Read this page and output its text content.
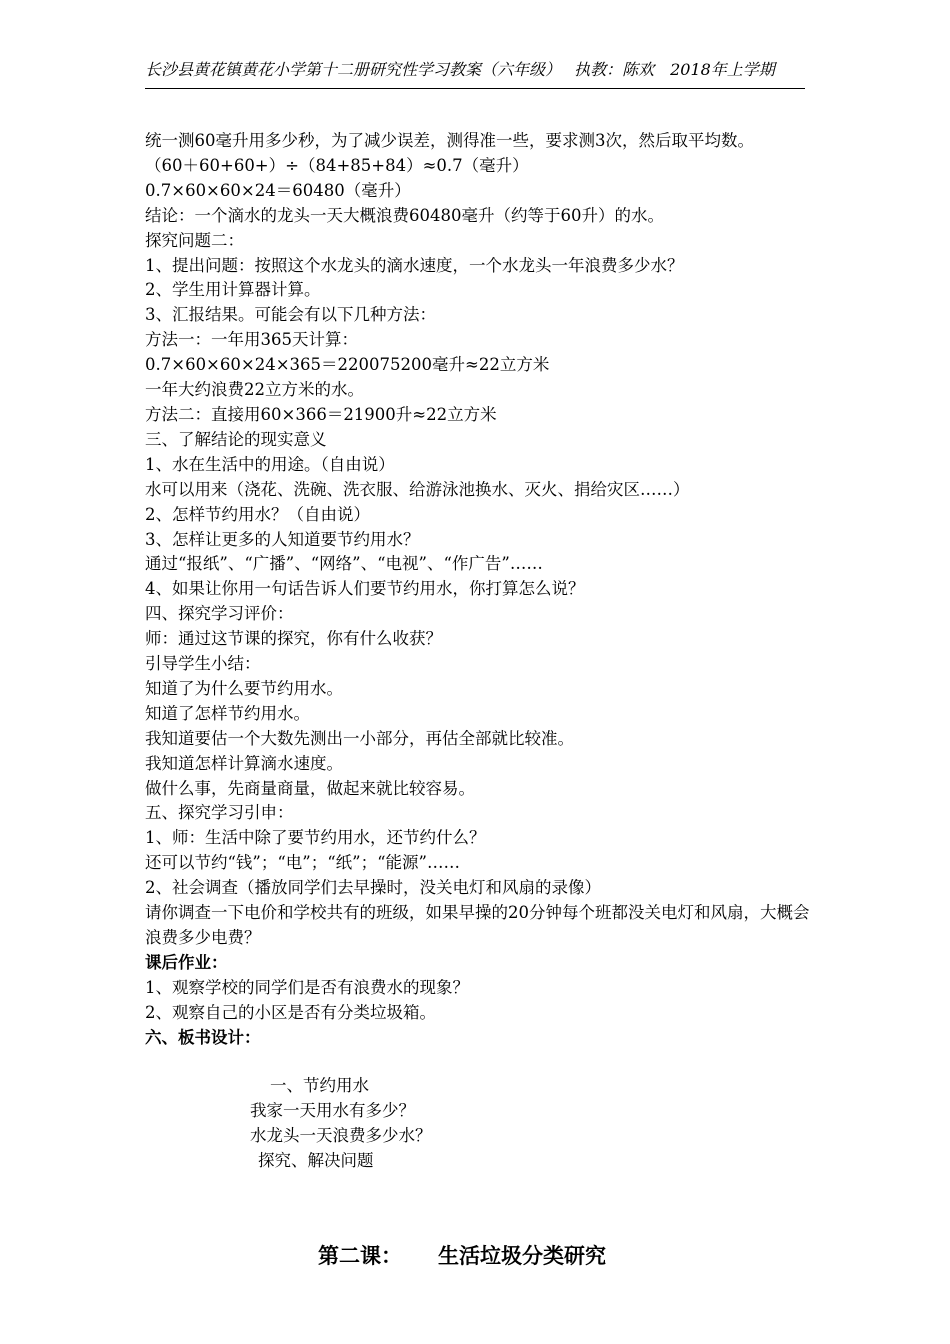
长沙县黄花镇黄花小学第十二册研究性学习教案（六年级）　 执教：陈欢　2018年上学期
统一测60毫升用多少秒，为了减少误差，测得准一些，要求测3次，然后取平均数。
（60＋60+60+）÷（84+85+84）≈0.7（毫升）
0.7×60×60×24＝60480（毫升）
结论：一个滴水的龙头一天大概浪费60480毫升（约等于60升）的水。
探究问题二：
1、提出问题：按照这个水龙头的滴水速度，一个水龙头一年浪费多少水？
2、学生用计算器计算。
3、汇报结果。可能会有以下几种方法：
方法一：一年用365天计算：
0.7×60×60×24×365＝220075200毫升≈22立方米
一年大约浪费22立方米的水。
方法二：直接用60×366＝21900升≈22立方米
三、了解结论的现实意义
1、水在生活中的用途。（自由说）
水可以用来（浇花、洗碗、洗衣服、给游泳池换水、灭火、捐给灾区……）
2、怎样节约用水？（自由说）
3、怎样让更多的人知道要节约用水？
通过“报纸”、“广播”、“网络”、“电视”、“作广告”……
4、如果让你用一句话告诉人们要节约用水，你打算怎么说？
四、探究学习评价：
师：通过这节课的探究，你有什么收获？
引导学生小结：
知道了为什么要节约用水。
知道了怎样节约用水。
我知道要估一个大数先测出一小部分，再估全部就比较准。
我知道怎样计算滴水速度。
做什么事，先商量商量，做起来就比较容易。
五、探究学习引申：
1、师：生活中除了要节约用水，还节约什么？
还可以节约“钱”；“电”；“纸”；“能源”……
2、社会调查（播放同学们去早操时，没关电灯和风扇的录像）
请你调查一下电价和学校共有的班级，如果早操的20分钟每个班都没关电灯和风扇，大概会浪费多少电费？
课后作业：
1、观察学校的同学们是否有浪费水的现象？
2、观察自己的小区是否有分类垃圾箱。
六、板书设计：
一、节约用水
我家一天用水有多少？
水龙头一天浪费多少水？
探究、解决问题
第二课： 生活垃圾分类研究
